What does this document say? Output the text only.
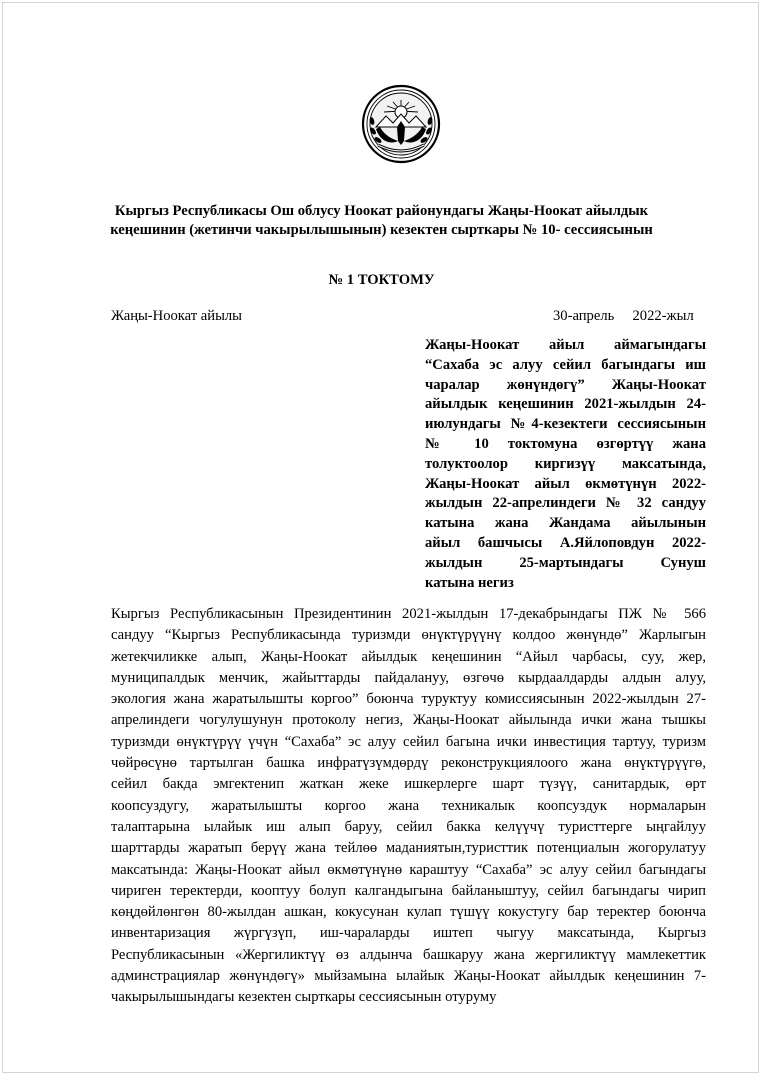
Кыргыз Республикасы Ош облусу Ноокат районундагы Жаңы-Ноокат айылдык
кеңешинин (жетинчи чакырылышынын) кезектен сырткары № 10- сессиясынын
№ 1 ТОКТОМУ
Жаңы-Ноокат айылы	30-апрель     2022-жыл
Жаңы-Ноокат айыл аймагындагы
“Сахаба эс алуу сейил багындагы иш
чаралар жөнүндөгү” Жаңы-Ноокат
айылдык кеңешинин 2021-жылдын 24-
июлундагы №4-кезектеги сессиясынын
№ 10 токтомуна өзгөртүү жана
толуктоолор киргизүү максатында,
Жаңы-Ноокат айыл өкмөтүнүн 2022-
жылдын 22-апрелиндеги № 32 сандуу
катына жана Жандама айылынын
айыл башчысы А.Яйлоповдун 2022-
жылдын 25-мартындагы Сунуш
катына негиз
Кыргыз Республикасынын Президентинин 2021-жылдын 17-декабрындагы ПЖ № 566
сандуу “Кыргыз Республикасында туризмди өнүктүрүүнү колдоо жөнүндө” Жарлыгын
жетекчиликке алып, Жаңы-Ноокат айылдык кеңешинин “Айыл чарбасы, суу, жер,
муниципалдык менчик, жайыттарды пайдалануу, өзгөчө кырдаалдарды алдын алуу,
экология жана жаратылышты коргоо” боюнча туруктуу комиссиясынын 2022-жылдын 27-
апрелиндеги чогулушунун протоколу негиз, Жаңы-Ноокат айылында ички жана тышкы
туризмди өнүктүрүү үчүн “Сахаба” эс алуу сейил багына ички инвестиция тартуу, туризм
чөйрөсүнө тартылган башка инфратүзүмдөрдү реконструкциялоого жана өнүктүрүүгө,
сейил бакда эмгектенип жаткан жеке ишкерлерге шарт түзүү, санитардык, өрт
коопсуздугу, жаратылышты коргоо жана техникалык коопсуздук нормаларын
талаптарына ылайык иш алып баруу, сейил бакка келүүчү туристтерге ыңгайлуу
шарттарды жаратып берүү жана тейлөө маданиятын,туристтик потенциалын жогорулатуу
максатында: Жаңы-Ноокат айыл өкмөтүнүнө караштуу “Сахаба” эс алуу сейил багындагы
чириген теректерди, кооптуу болуп калгандыгына байланыштуу, сейил багындагы чирип
көңдөйлөнгөн 80-жылдан ашкан, кокусунан кулап түшүү кокустугу бар теректер боюнча
инвентаризация жүргүзүп, иш-чараларды иштеп чыгуу максатында, Кыргыз
Республикасынын «Жергиликтүү өз алдынча башкаруу жана жергиликтүү мамлекеттик
админстрациялар жөнүндөгү» мыйзамына ылайык Жаңы-Ноокат айылдык кеңешинин 7-
чакырылышындагы кезектен сырткары сессиясынын отуруму
